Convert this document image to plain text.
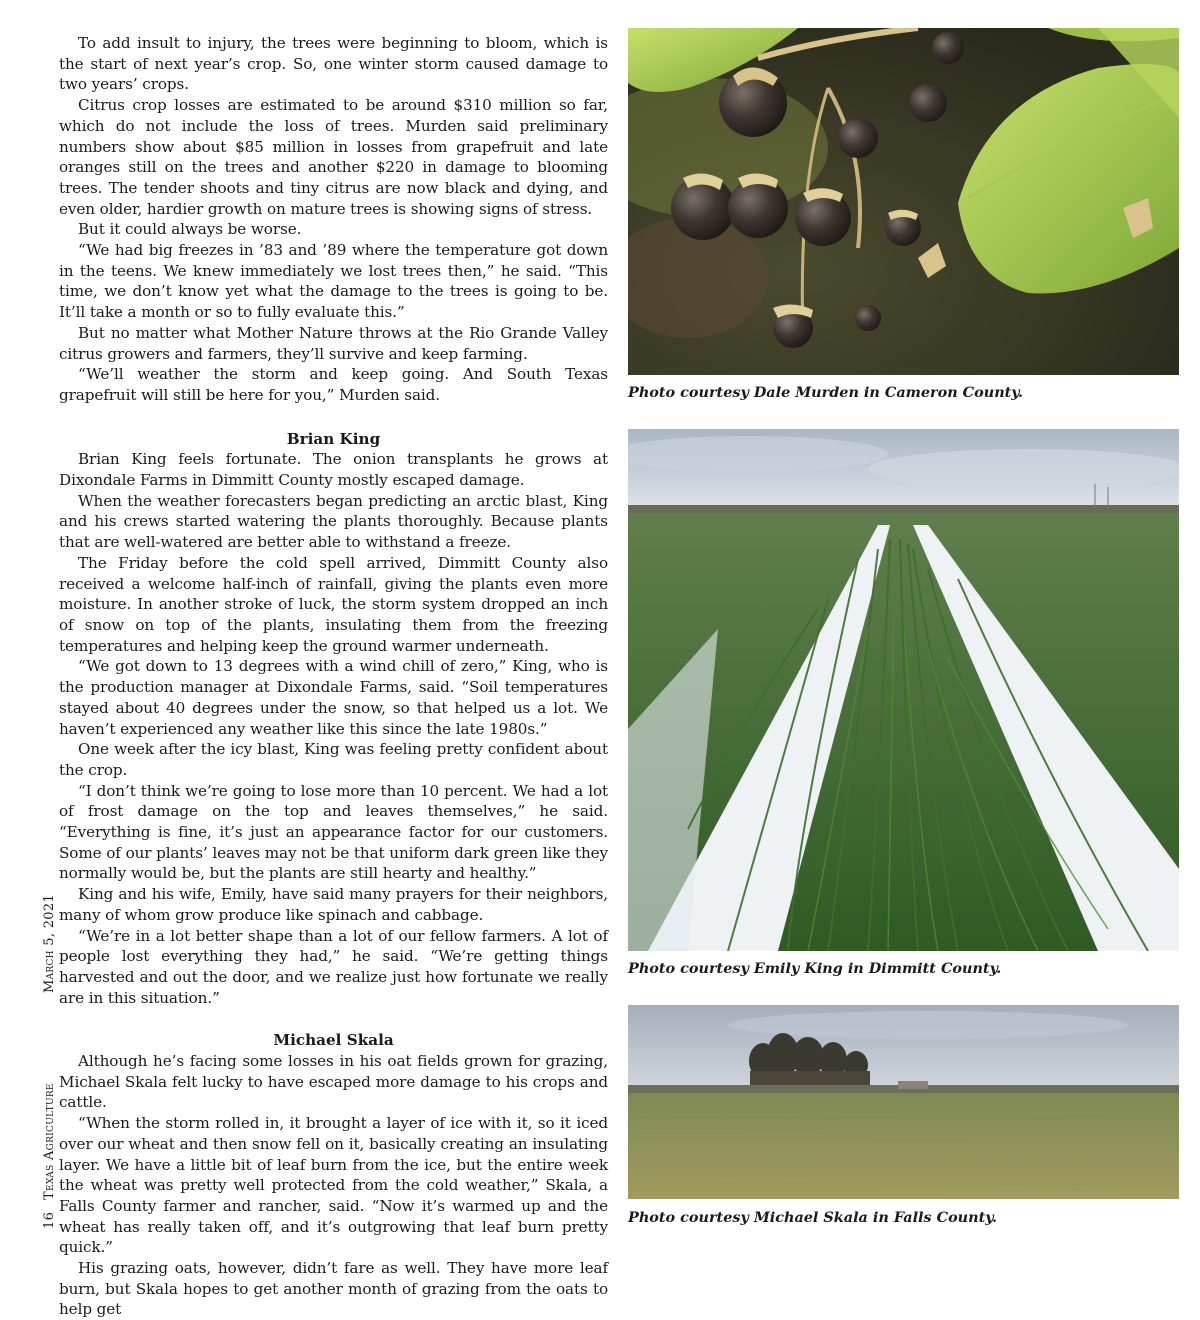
To add insult to injury, the trees were beginning to bloom, which is the start of next year’s crop. So, one winter storm caused damage to two years’ crops.

Citrus crop losses are estimated to be around $310 million so far, which do not include the loss of trees. Murden said preliminary numbers show about $85 million in losses from grapefruit and late oranges still on the trees and another $220 in damage to blooming trees. The tender shoots and tiny citrus are now black and dying, and even older, hardier growth on mature trees is showing signs of stress.

But it could always be worse.

“We had big freezes in ’83 and ’89 where the temperature got down in the teens. We knew immediately we lost trees then,” he said. “This time, we don’t know yet what the damage to the trees is going to be. It’ll take a month or so to fully evaluate this.”

But no matter what Mother Nature throws at the Rio Grande Valley citrus growers and farmers, they’ll survive and keep farming.

“We’ll weather the storm and keep going. And South Texas grapefruit will still be here for you,” Murden said.

Brian King

Brian King feels fortunate. The onion transplants he grows at Dixondale Farms in Dimmitt County mostly escaped damage.

When the weather forecasters began predicting an arctic blast, King and his crews started watering the plants thoroughly. Because plants that are well-watered are better able to withstand a freeze.

The Friday before the cold spell arrived, Dimmitt County also received a welcome half-inch of rainfall, giving the plants even more moisture. In another stroke of luck, the storm system dropped an inch of snow on top of the plants, insulating them from the freezing temperatures and helping keep the ground warmer underneath.

“We got down to 13 degrees with a wind chill of zero,” King, who is the production manager at Dixondale Farms, said. “Soil temperatures stayed about 40 degrees under the snow, so that helped us a lot. We haven’t experienced any weather like this since the late 1980s.”

One week after the icy blast, King was feeling pretty confident about the crop.

“I don’t think we’re going to lose more than 10 percent. We had a lot of frost damage on the top and leaves themselves,” he said. “Everything is fine, it’s just an appearance factor for our customers. Some of our plants’ leaves may not be that uniform dark green like they normally would be, but the plants are still hearty and healthy.”

King and his wife, Emily, have said many prayers for their neighbors, many of whom grow produce like spinach and cabbage.

“We’re in a lot better shape than a lot of our fellow farmers. A lot of people lost everything they had,” he said. “We’re getting things harvested and out the door, and we realize just how fortunate we really are in this situation.”

Michael Skala

Although he’s facing some losses in his oat fields grown for grazing, Michael Skala felt lucky to have escaped more damage to his crops and cattle.

“When the storm rolled in, it brought a layer of ice with it, so it iced over our wheat and then snow fell on it, basically creating an insulating layer. We have a little bit of leaf burn from the ice, but the entire week the wheat was pretty well protected from the cold weather,” Skala, a Falls County farmer and rancher, said. “Now it’s warmed up and the wheat has really taken off, and it’s outgrowing that leaf burn pretty quick.”

His grazing oats, however, didn’t fare as well. They have more leaf burn, but Skala hopes to get another month of grazing from the oats to help get

16
Texas Agriculture
March 5, 2021
Photo courtesy Dale Murden in Cameron County.
Photo courtesy Emily King in Dimmitt County.
Photo courtesy Michael Skala in Falls County.
